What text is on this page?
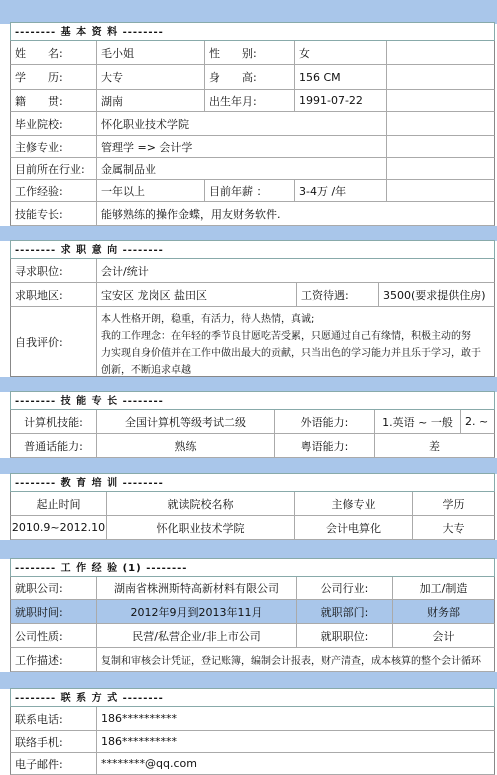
-------- 基 本 资 料 --------
姓　　名:	毛小姐	性　　别:	女
学　　历:	大专	身　　高:	156 CM
籍　　贯:	湖南	出生年月:	1991-07-22
毕业院校:	怀化职业技术学院
主修专业:	管理学 => 会计学
目前所在行业:	金属制品业
工作经验:	一年以上	目前年薪 ：	3-4万 /年
技能专长:	能够熟练的操作金蝶，用友财务软件.
-------- 求 职 意 向 --------
寻求职位:	会计/统计
求职地区:	宝安区 龙岗区 盐田区	工资待遇:	3500(要求提供住房)
自我评价:
本人性格开朗，稳重，有活力，待人热情，真诚;
我的工作理念：在年轻的季节良甘愿吃苦受累，只愿通过自己有缘情，积极主动的努
力实现自身价值并在工作中做出最大的贡献，只当出色的学习能力并且乐于学习，敢于
创新，不断追求卓越
-------- 技 能 专 长 --------
计算机技能:	全国计算机等级考试二级	外语能力:	1.英语 ~ 一般	2. ~
普通话能力:	熟练	粤语能力:	差
-------- 教 育 培 训 --------
起止时间	就读院校名称	主修专业	学历
2010.9~2012.10	怀化职业技术学院	会计电算化	大专
-------- 工 作 经 验 (1) --------
就职公司:	湖南省株洲斯特高新材料有限公司	公司行业:	加工/制造
就职时间:	2012年9月到2013年11月	就职部门:	财务部
公司性质:	民营/私营企业/非上市公司	就职职位:	会计
工作描述:	复制和审核会计凭证，登记账簿，编制会计报表，财产清查，成本核算的整个会计循环
-------- 联 系 方 式 --------
联系电话:	186**********
联络手机:	186**********
电子邮件:	********@qq.com
